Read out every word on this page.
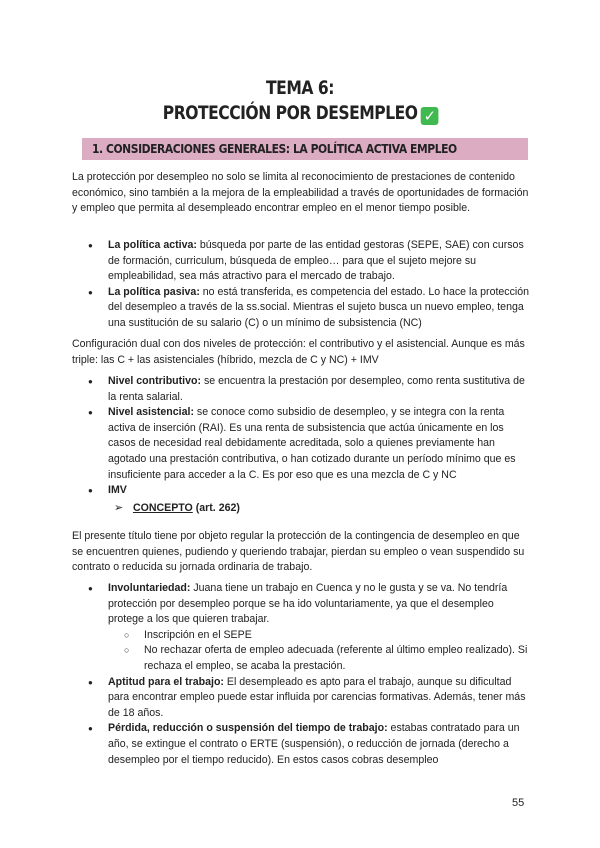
TEMA 6:
PROTECCIÓN POR DESEMPLEO ✓
1. CONSIDERACIONES GENERALES: LA POLÍTICA ACTIVA EMPLEO

La protección por desempleo no solo se limita al reconocimiento de prestaciones de contenido económico, sino también a la mejora de la empleabilidad a través de oportunidades de formación y empleo que permita al desempleado encontrar empleo en el menor tiempo posible.

● La política activa: búsqueda por parte de las entidad gestoras (SEPE, SAE) con cursos de formación, curriculum, búsqueda de empleo… para que el sujeto mejore su empleabilidad, sea más atractivo para el mercado de trabajo.
● La política pasiva: no está transferida, es competencia del estado. Lo hace la protección del desempleo a través de la ss.social. Mientras el sujeto busca un nuevo empleo, tenga una sustitución de su salario (C) o un mínimo de subsistencia (NC)

Configuración dual con dos niveles de protección: el contributivo y el asistencial. Aunque es más triple: las C + las asistenciales (híbrido, mezcla de C y NC) + IMV

● Nivel contributivo: se encuentra la prestación por desempleo, como renta sustitutiva de la renta salarial.
● Nivel asistencial: se conoce como subsidio de desempleo, y se integra con la renta activa de inserción (RAI). Es una renta de subsistencia que actúa únicamente en los casos de necesidad real debidamente acreditada, solo a quienes previamente han agotado una prestación contributiva, o han cotizado durante un período mínimo que es insuficiente para acceder a la C. Es por eso que es una mezcla de C y NC
● IMV
➢ CONCEPTO (art. 262)

El presente título tiene por objeto regular la protección de la contingencia de desempleo en que se encuentren quienes, pudiendo y queriendo trabajar, pierdan su empleo o vean suspendido su contrato o reducida su jornada ordinaria de trabajo.

● Involuntariedad: Juana tiene un trabajo en Cuenca y no le gusta y se va. No tendría protección por desempleo porque se ha ido voluntariamente, ya que el desempleo protege a los que quieren trabajar.
○ Inscripción en el SEPE
○ No rechazar oferta de empleo adecuada (referente al último empleo realizado). Si rechaza el empleo, se acaba la prestación.
● Aptitud para el trabajo: El desempleado es apto para el trabajo, aunque su dificultad para encontrar empleo puede estar influida por carencias formativas. Además, tener más de 18 años.
● Pérdida, reducción o suspensión del tiempo de trabajo: estabas contratado para un año, se extingue el contrato o ERTE (suspensión), o reducción de jornada (derecho a desempleo por el tiempo reducido). En estos casos cobras desempleo
55
